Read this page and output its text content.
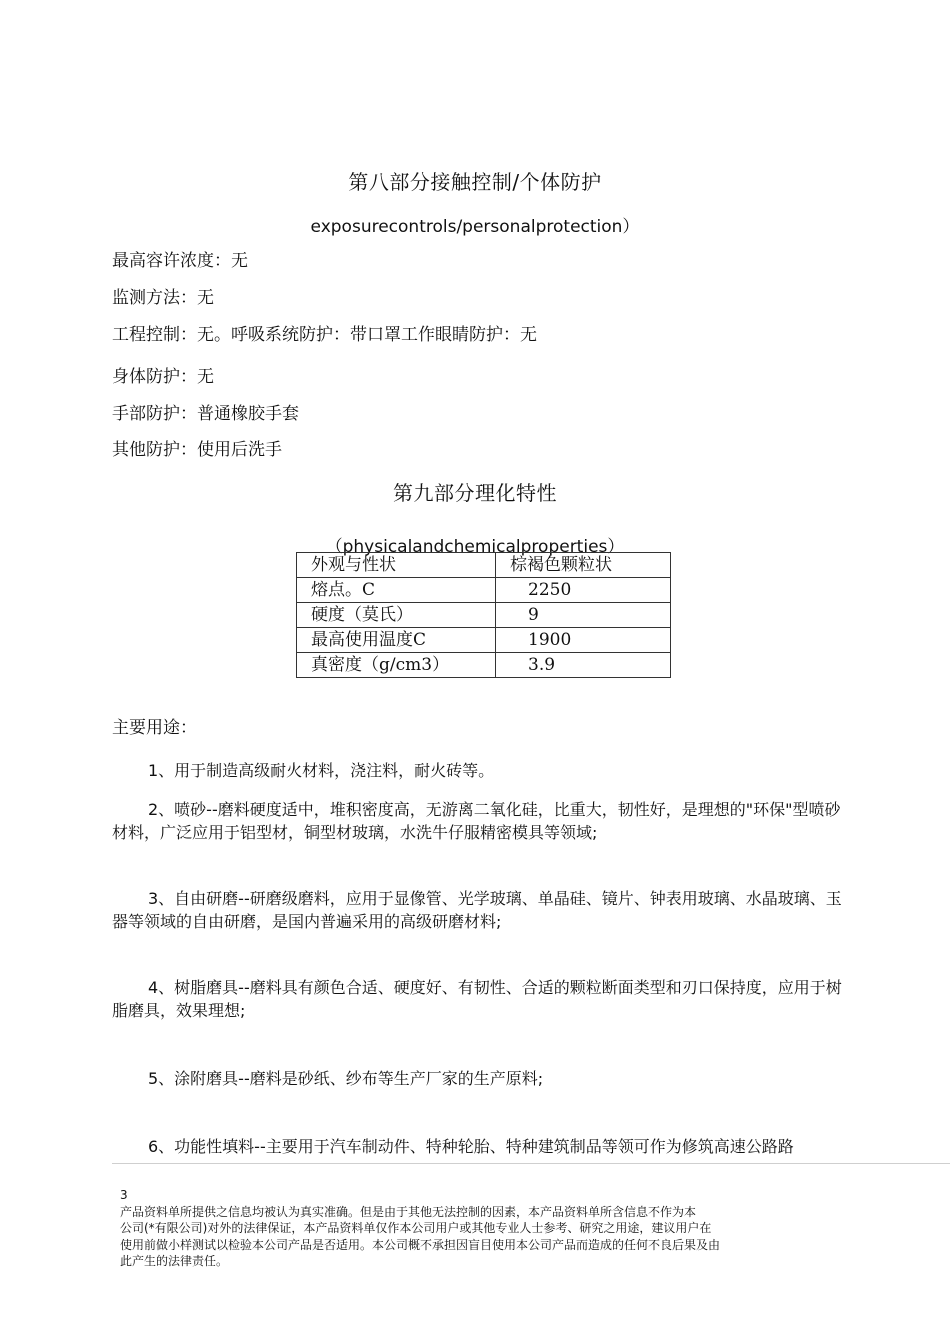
第八部分接触控制/个体防护
exposurecontrols/personalprotection）
最高容许浓度：无
监测方法：无
工程控制：无。呼吸系统防护：带口罩工作眼睛防护：无
身体防护：无
手部防护：普通橡胶手套
其他防护：使用后洗手
第九部分理化特性
（physicalandchemicalproperties）
外观与性状	棕褐色颗粒状
熔点。C	2250
硬度（莫氏）	9
最高使用温度C	1900
真密度（g/cm3）	3.9
主要用途：
1、用于制造高级耐火材料，浇注料，耐火砖等。
2、喷砂--磨料硬度适中，堆积密度高，无游离二氧化硅，比重大，韧性好，是理想的"环保"型喷砂材料，广泛应用于铝型材，铜型材玻璃，水洗牛仔服精密模具等领域;
3、自由研磨--研磨级磨料，应用于显像管、光学玻璃、单晶硅、镜片、钟表用玻璃、水晶玻璃、玉器等领域的自由研磨，是国内普遍采用的高级研磨材料;
4、树脂磨具--磨料具有颜色合适、硬度好、有韧性、合适的颗粒断面类型和刃口保持度，应用于树脂磨具，效果理想;
5、涂附磨具--磨料是砂纸、纱布等生产厂家的生产原料;
6、功能性填料--主要用于汽车制动件、特种轮胎、特种建筑制品等领可作为修筑高速公路路
3
产品资料单所提供之信息均被认为真实准确。但是由于其他无法控制的因素，本产品资料单所含信息不作为本
公司(*有限公司)对外的法律保证，本产品资料单仅作本公司用户或其他专业人士参考、研究之用途，建议用户在
使用前做小样测试以检验本公司产品是否适用。本公司概不承担因盲目使用本公司产品而造成的任何不良后果及由
此产生的法律责任。
